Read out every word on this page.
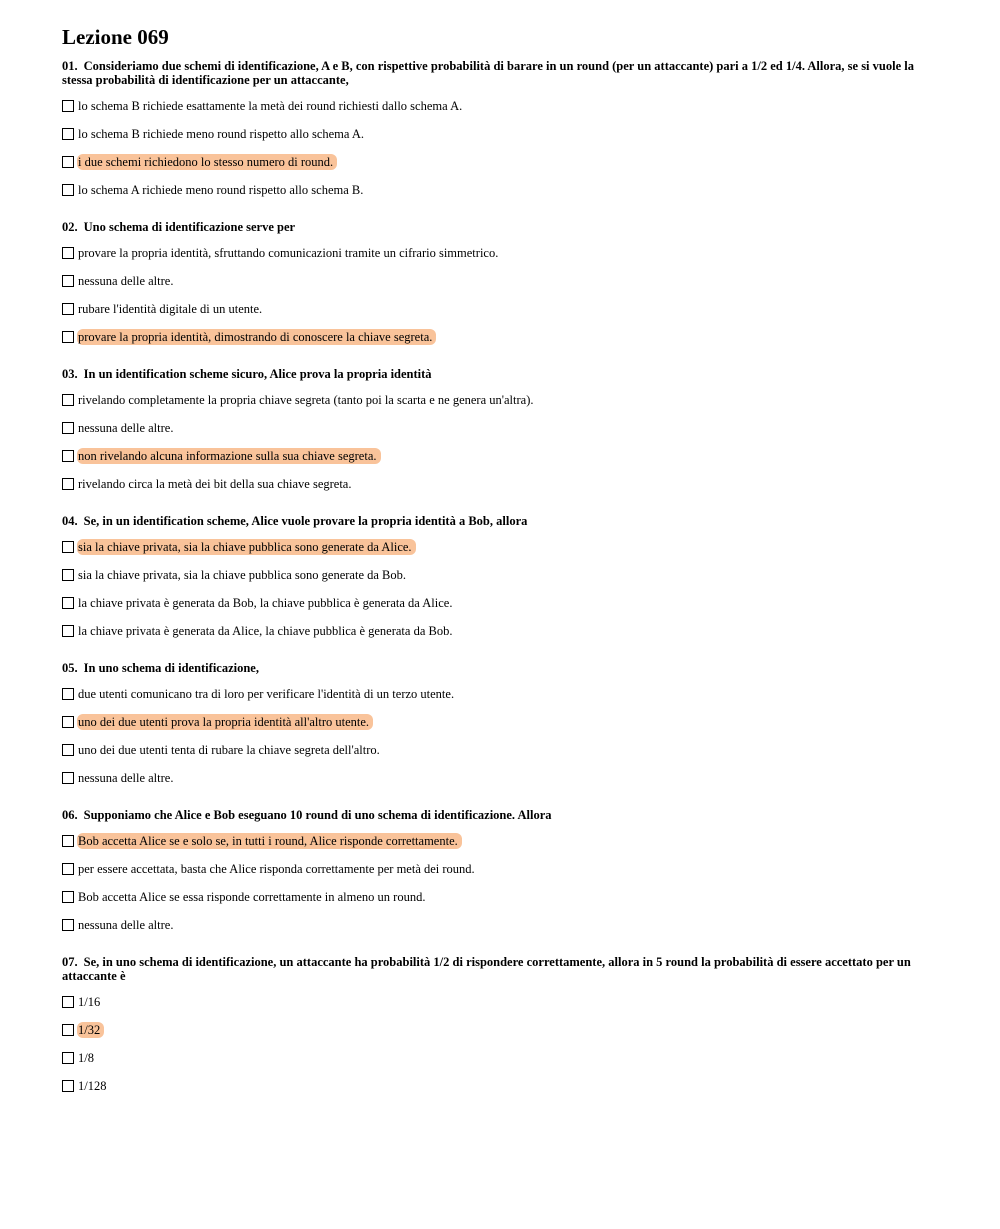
Lezione 069
01. Consideriamo due schemi di identificazione, A e B, con rispettive probabilità di barare in un round (per un attaccante) pari a 1/2 ed 1/4. Allora, se si vuole la stessa probabilità di identificazione per un attaccante,
lo schema B richiede esattamente la metà dei round richiesti dallo schema A.
lo schema B richiede meno round rispetto allo schema A.
i due schemi richiedono lo stesso numero di round.
lo schema A richiede meno round rispetto allo schema B.
02. Uno schema di identificazione serve per
provare la propria identità, sfruttando comunicazioni tramite un cifrario simmetrico.
nessuna delle altre.
rubare l'identità digitale di un utente.
provare la propria identità, dimostrando di conoscere la chiave segreta.
03. In un identification scheme sicuro, Alice prova la propria identità
rivelando completamente la propria chiave segreta (tanto poi la scarta e ne genera un'altra).
nessuna delle altre.
non rivelando alcuna informazione sulla sua chiave segreta.
rivelando circa la metà dei bit della sua chiave segreta.
04. Se, in un identification scheme, Alice vuole provare la propria identità a Bob, allora
sia la chiave privata, sia la chiave pubblica sono generate da Alice.
sia la chiave privata, sia la chiave pubblica sono generate da Bob.
la chiave privata è generata da Bob, la chiave pubblica è generata da Alice.
la chiave privata è generata da Alice, la chiave pubblica è generata da Bob.
05. In uno schema di identificazione,
due utenti comunicano tra di loro per verificare l'identità di un terzo utente.
uno dei due utenti prova la propria identità all'altro utente.
uno dei due utenti tenta di rubare la chiave segreta dell'altro.
nessuna delle altre.
06. Supponiamo che Alice e Bob eseguano 10 round di uno schema di identificazione. Allora
Bob accetta Alice se e solo se, in tutti i round, Alice risponde correttamente.
per essere accettata, basta che Alice risponda correttamente per metà dei round.
Bob accetta Alice se essa risponde correttamente in almeno un round.
nessuna delle altre.
07. Se, in uno schema di identificazione, un attaccante ha probabilità 1/2 di rispondere correttamente, allora in 5 round la probabilità di essere accettato per un attaccante è
1/16
1/32
1/8
1/128
